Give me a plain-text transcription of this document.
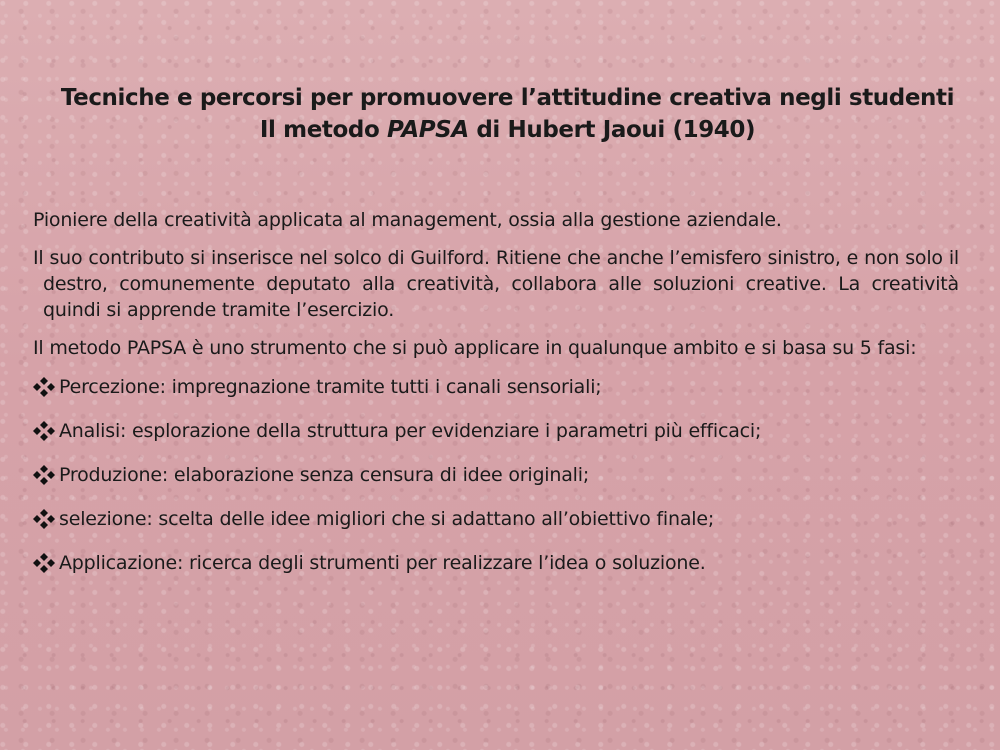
Tecniche e percorsi per promuovere l’attitudine creativa negli studenti
Il metodo PAPSA di Hubert Jaoui (1940)

Pioniere della creatività applicata al management, ossia alla gestione aziendale.

Il suo contributo si inserisce nel solco di Guilford. Ritiene che anche l’emisfero sinistro, e non solo il destro, comunemente deputato alla creatività, collabora alle soluzioni creative. La creatività quindi si apprende tramite l’esercizio.

Il metodo PAPSA è uno strumento che si può applicare in qualunque ambito e si basa su 5 fasi:

Percezione: impregnazione tramite tutti i canali sensoriali;
Analisi: esplorazione della struttura per evidenziare i parametri più efficaci;
Produzione: elaborazione senza censura di idee originali;
selezione: scelta delle idee migliori che si adattano all’obiettivo finale;
Applicazione: ricerca degli strumenti per realizzare l’idea o soluzione.
